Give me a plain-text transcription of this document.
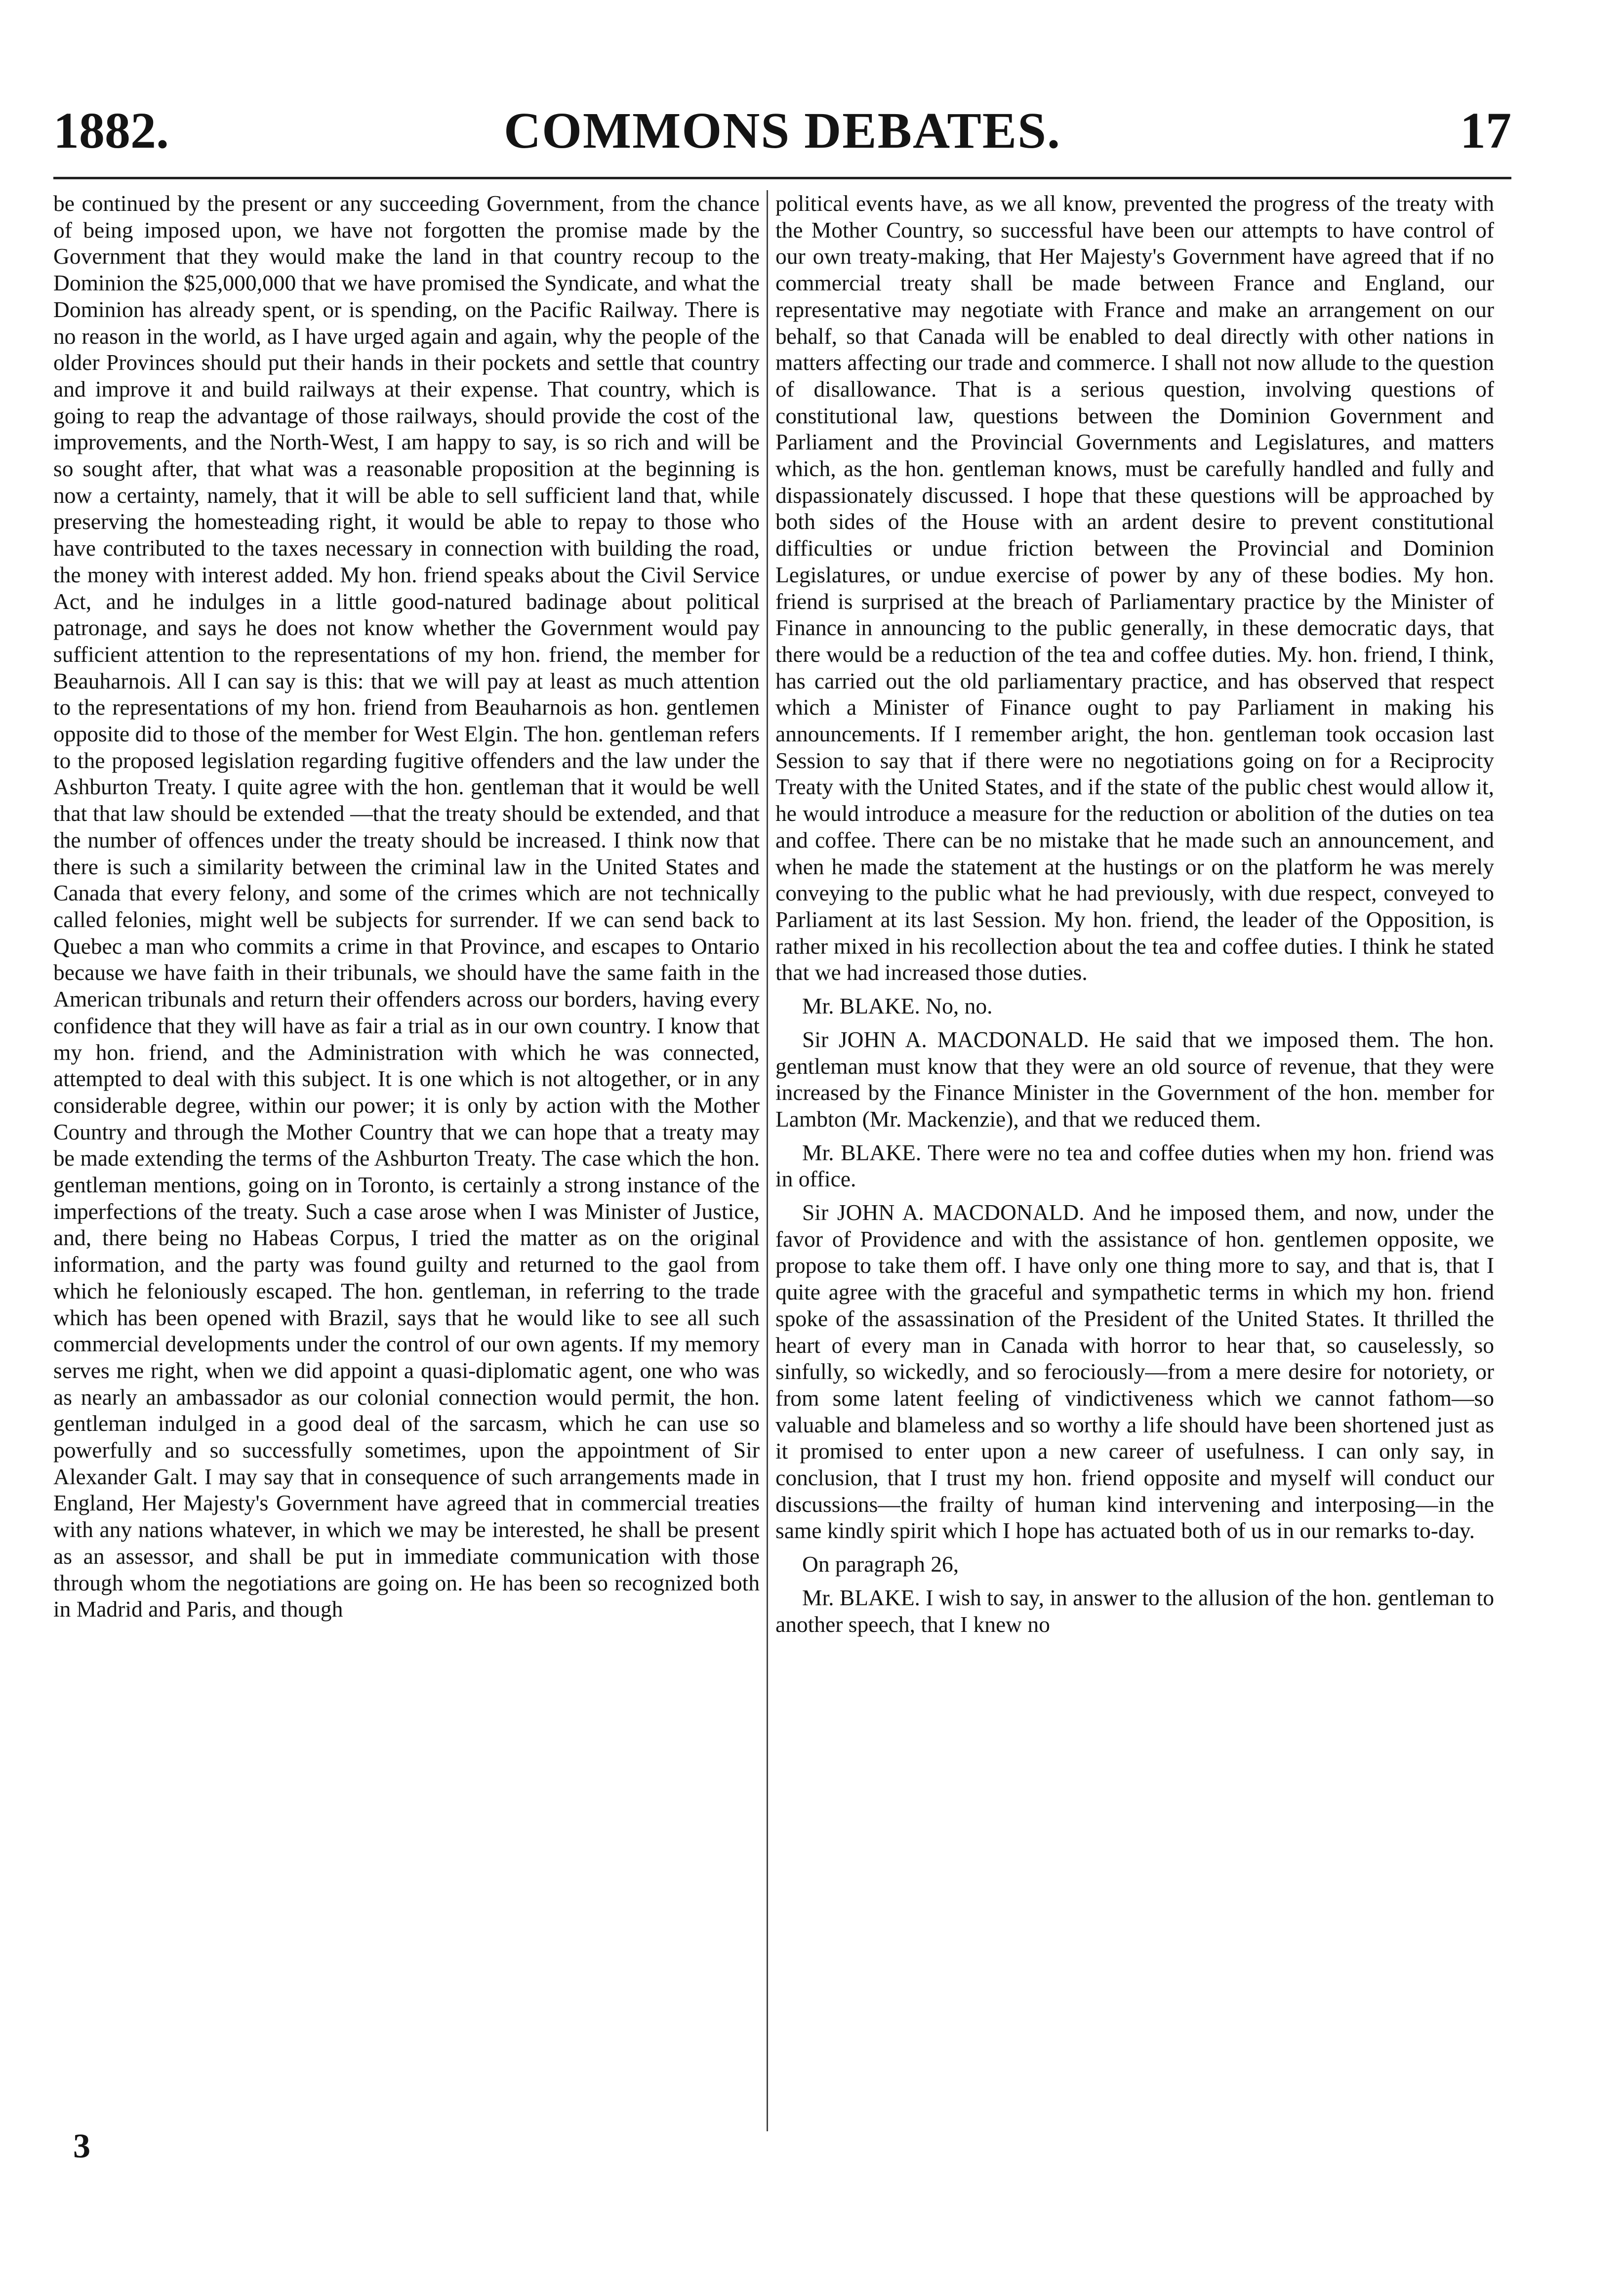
1882.	COMMONS DEBATES.	17

be continued by the present or any succeeding Government, from the chance of being imposed upon, we have not forgotten the promise made by the Government that they would make the land in that country recoup to the Dominion the $25,000,000 that we have promised the Syndicate, and what the Dominion has already spent, or is spending, on the Pacific Railway. There is no reason in the world, as I have urged again and again, why the people of the older Provinces should put their hands in their pockets and settle that country and improve it and build railways at their expense. That country, which is going to reap the advantage of those railways, should provide the cost of the improvements, and the North-West, I am happy to say, is so rich and will be so sought after, that what was a reasonable proposition at the beginning is now a certainty, namely, that it will be able to sell sufficient land that, while preserving the homesteading right, it would be able to repay to those who have contributed to the taxes necessary in connection with building the road, the money with interest added. My hon. friend speaks about the Civil Service Act, and he indulges in a little good-natured badinage about political patronage, and says he does not know whether the Government would pay sufficient attention to the representations of my hon. friend, the member for Beauharnois. All I can say is this: that we will pay at least as much attention to the representations of my hon. friend from Beauharnois as hon. gentlemen opposite did to those of the member for West Elgin. The hon. gentleman refers to the proposed legislation regarding fugitive offenders and the law under the Ashburton Treaty. I quite agree with the hon. gentleman that it would be well that that law should be extended —that the treaty should be extended, and that the number of offences under the treaty should be increased. I think now that there is such a similarity between the criminal law in the United States and Canada that every felony, and some of the crimes which are not technically called felonies, might well be subjects for surrender. If we can send back to Quebec a man who commits a crime in that Province, and escapes to Ontario because we have faith in their tribunals, we should have the same faith in the American tribunals and return their offenders across our borders, having every confidence that they will have as fair a trial as in our own country. I know that my hon. friend, and the Administration with which he was connected, attempted to deal with this subject. It is one which is not altogether, or in any considerable degree, within our power; it is only by action with the Mother Country and through the Mother Country that we can hope that a treaty may be made extending the terms of the Ashburton Treaty. The case which the hon. gentleman mentions, going on in Toronto, is certainly a strong instance of the imperfections of the treaty. Such a case arose when I was Minister of Justice, and, there being no Habeas Corpus, I tried the matter as on the original information, and the party was found guilty and returned to the gaol from which he feloniously escaped. The hon. gentleman, in referring to the trade which has been opened with Brazil, says that he would like to see all such commercial developments under the control of our own agents. If my memory serves me right, when we did appoint a quasi-diplomatic agent, one who was as nearly an ambassador as our colonial connection would permit, the hon. gentleman indulged in a good deal of the sarcasm, which he can use so powerfully and so successfully sometimes, upon the appointment of Sir Alexander Galt. I may say that in consequence of such arrangements made in England, Her Majesty's Government have agreed that in commercial treaties with any nations whatever, in which we may be interested, he shall be present as an assessor, and shall be put in immediate communication with those through whom the negotiations are going on. He has been so recognized both in Madrid and Paris, and though

political events have, as we all know, prevented the progress of the treaty with the Mother Country, so successful have been our attempts to have control of our own treaty-making, that Her Majesty's Government have agreed that if no commercial treaty shall be made between France and England, our representative may negotiate with France and make an arrangement on our behalf, so that Canada will be enabled to deal directly with other nations in matters affecting our trade and commerce. I shall not now allude to the question of disallowance. That is a serious question, involving questions of constitutional law, questions between the Dominion Government and Parliament and the Provincial Governments and Legislatures, and matters which, as the hon. gentleman knows, must be carefully handled and fully and dispassionately discussed. I hope that these questions will be approached by both sides of the House with an ardent desire to prevent constitutional difficulties or undue friction between the Provincial and Dominion Legislatures, or undue exercise of power by any of these bodies. My hon. friend is surprised at the breach of Parliamentary practice by the Minister of Finance in announcing to the public generally, in these democratic days, that there would be a reduction of the tea and coffee duties. My. hon. friend, I think, has carried out the old parliamentary practice, and has observed that respect which a Minister of Finance ought to pay Parliament in making his announcements. If I remember aright, the hon. gentleman took occasion last Session to say that if there were no negotiations going on for a Reciprocity Treaty with the United States, and if the state of the public chest would allow it, he would introduce a measure for the reduction or abolition of the duties on tea and coffee. There can be no mistake that he made such an announcement, and when he made the statement at the hustings or on the platform he was merely conveying to the public what he had previously, with due respect, conveyed to Parliament at its last Session. My hon. friend, the leader of the Opposition, is rather mixed in his recollection about the tea and coffee duties. I think he stated that we had increased those duties.

Mr. BLAKE. No, no.

Sir JOHN A. MACDONALD. He said that we imposed them. The hon. gentleman must know that they were an old source of revenue, that they were increased by the Finance Minister in the Government of the hon. member for Lambton (Mr. Mackenzie), and that we reduced them.

Mr. BLAKE. There were no tea and coffee duties when my hon. friend was in office.

Sir JOHN A. MACDONALD. And he imposed them, and now, under the favor of Providence and with the assistance of hon. gentlemen opposite, we propose to take them off. I have only one thing more to say, and that is, that I quite agree with the graceful and sympathetic terms in which my hon. friend spoke of the assassination of the President of the United States. It thrilled the heart of every man in Canada with horror to hear that, so causelessly, so sinfully, so wickedly, and so ferociously—from a mere desire for notoriety, or from some latent feeling of vindictiveness which we cannot fathom—so valuable and blameless and so worthy a life should have been shortened just as it promised to enter upon a new career of usefulness. I can only say, in conclusion, that I trust my hon. friend opposite and myself will conduct our discussions—the frailty of human kind intervening and interposing—in the same kindly spirit which I hope has actuated both of us in our remarks to-day.

On paragraph 26,

Mr. BLAKE. I wish to say, in answer to the allusion of the hon. gentleman to another speech, that I knew no

3
